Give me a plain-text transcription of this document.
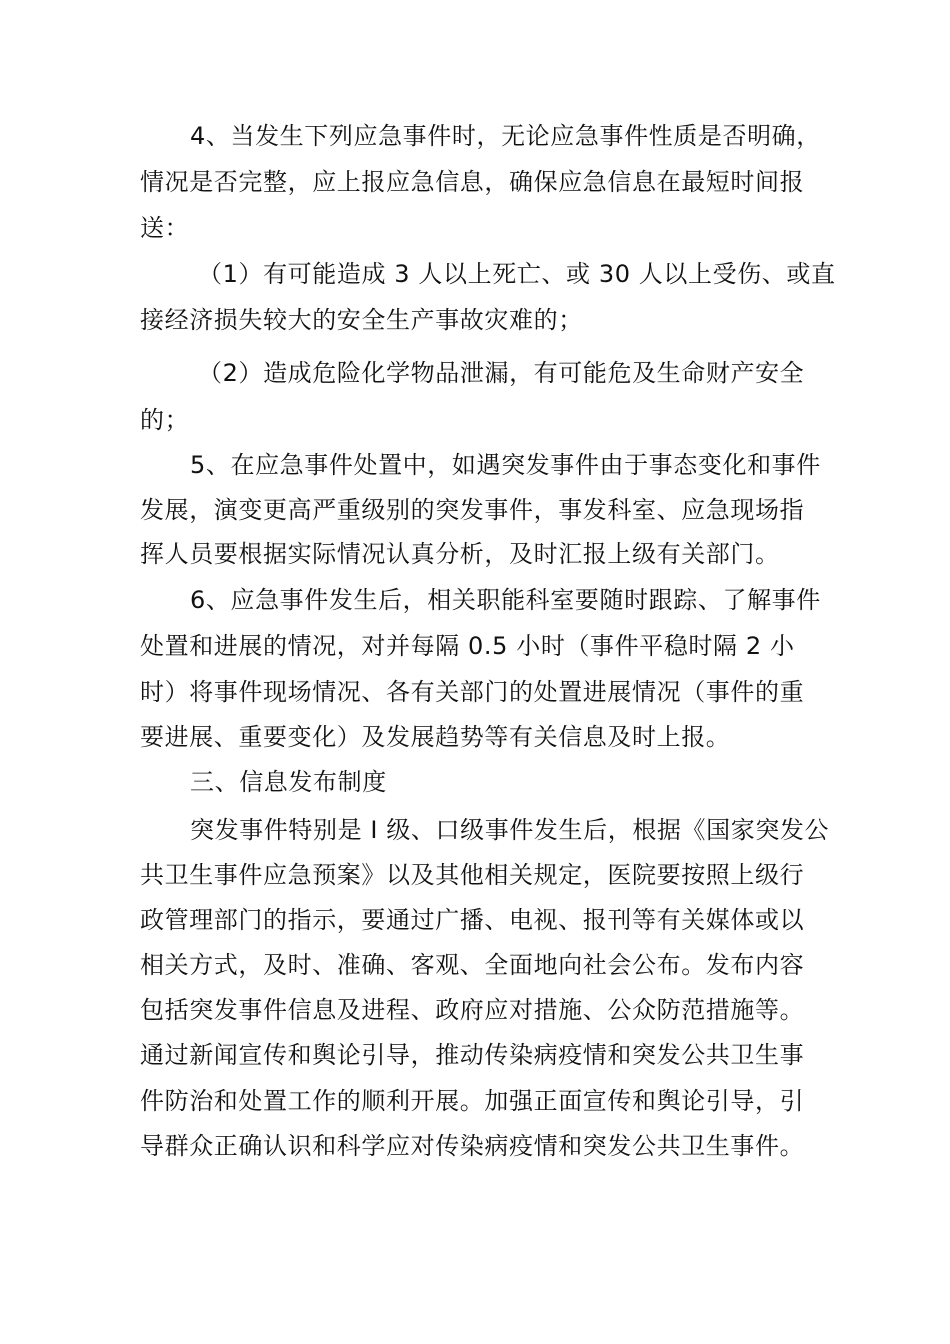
4、当发生下列应急事件时，无论应急事件性质是否明确，
情况是否完整，应上报应急信息，确保应急信息在最短时间报
送：
（1）有可能造成 3 人以上死亡、或 30 人以上受伤、或直
接经济损失较大的安全生产事故灾难的；
（2）造成危险化学物品泄漏，有可能危及生命财产安全
的；
5、在应急事件处置中，如遇突发事件由于事态变化和事件
发展，演变更高严重级别的突发事件，事发科室、应急现场指
挥人员要根据实际情况认真分析，及时汇报上级有关部门。
6、应急事件发生后，相关职能科室要随时跟踪、了解事件
处置和进展的情况，对并每隔 0.5 小时（事件平稳时隔 2 小
时）将事件现场情况、各有关部门的处置进展情况（事件的重
要进展、重要变化）及发展趋势等有关信息及时上报。
三、信息发布制度
突发事件特别是 I 级、口级事件发生后，根据《国家突发公
共卫生事件应急预案》以及其他相关规定，医院要按照上级行
政管理部门的指示，要通过广播、电视、报刊等有关媒体或以
相关方式，及时、准确、客观、全面地向社会公布。发布内容
包括突发事件信息及进程、政府应对措施、公众防范措施等。
通过新闻宣传和舆论引导，推动传染病疫情和突发公共卫生事
件防治和处置工作的顺利开展。加强正面宣传和舆论引导，引
导群众正确认识和科学应对传染病疫情和突发公共卫生事件。
